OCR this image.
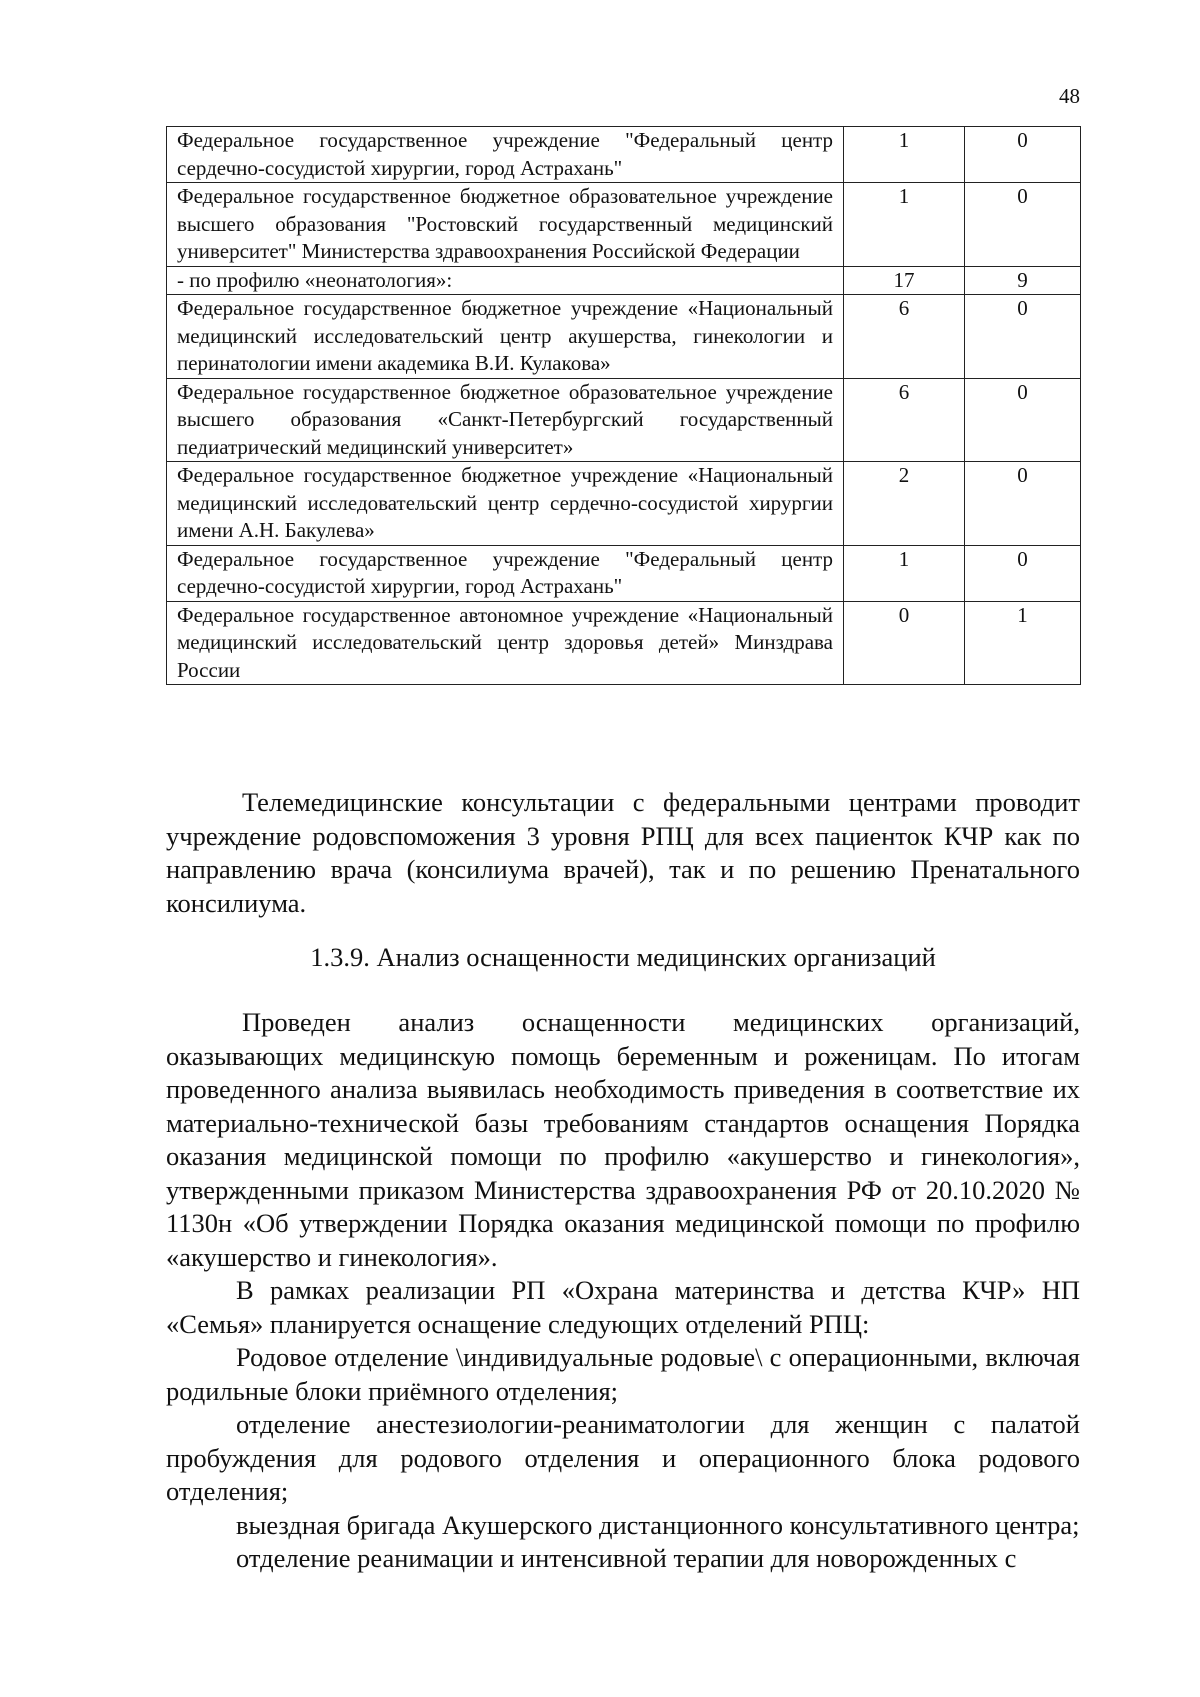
48
Федеральное государственное учреждение "Федеральный центр сердечно-сосудистой хирургии, город Астрахань"	1	0
Федеральное государственное бюджетное образовательное учреждение высшего образования "Ростовский государственный медицинский университет" Министерства здравоохранения Российской Федерации	1	0
- по профилю «неонатология»:	17	9
Федеральное государственное бюджетное учреждение «Национальный медицинский исследовательский центр акушерства, гинекологии и перинатологии имени академика В.И. Кулакова»	6	0
Федеральное государственное бюджетное образовательное учреждение высшего образования «Санкт-Петербургский государственный педиатрический медицинский университет»	6	0
Федеральное государственное бюджетное учреждение «Национальный медицинский исследовательский центр сердечно-сосудистой хирургии имени А.Н. Бакулева»	2	0
Федеральное государственное учреждение "Федеральный центр сердечно-сосудистой хирургии, город Астрахань"	1	0
Федеральное государственное автономное учреждение «Национальный медицинский исследовательский центр здоровья детей» Минздрава России	0	1

Телемедицинские консультации с федеральными центрами проводит учреждение родовспоможения 3 уровня РПЦ для всех пациенток КЧР как по направлению врача (консилиума врачей), так и по решению Пренатального консилиума.

1.3.9. Анализ оснащенности медицинских организаций

Проведен анализ оснащенности медицинских организаций, оказывающих медицинскую помощь беременным и роженицам. По итогам проведенного анализа выявилась необходимость приведения в соответствие их материально-технической базы требованиям стандартов оснащения Порядка оказания медицинской помощи по профилю «акушерство и гинекология», утвержденными приказом Министерства здравоохранения РФ от 20.10.2020 № 1130н «Об утверждении Порядка оказания медицинской помощи по профилю «акушерство и гинекология».

В рамках реализации РП «Охрана материнства и детства КЧР» НП «Семья» планируется оснащение следующих отделений РПЦ:

Родовое отделение \индивидуальные родовые\ с операционными, включая родильные блоки приёмного отделения;

отделение анестезиологии-реаниматологии для женщин с палатой пробуждения для родового отделения и операционного блока родового отделения;

выездная бригада Акушерского дистанционного консультативного центра;

отделение реанимации и интенсивной терапии для новорожденных с
